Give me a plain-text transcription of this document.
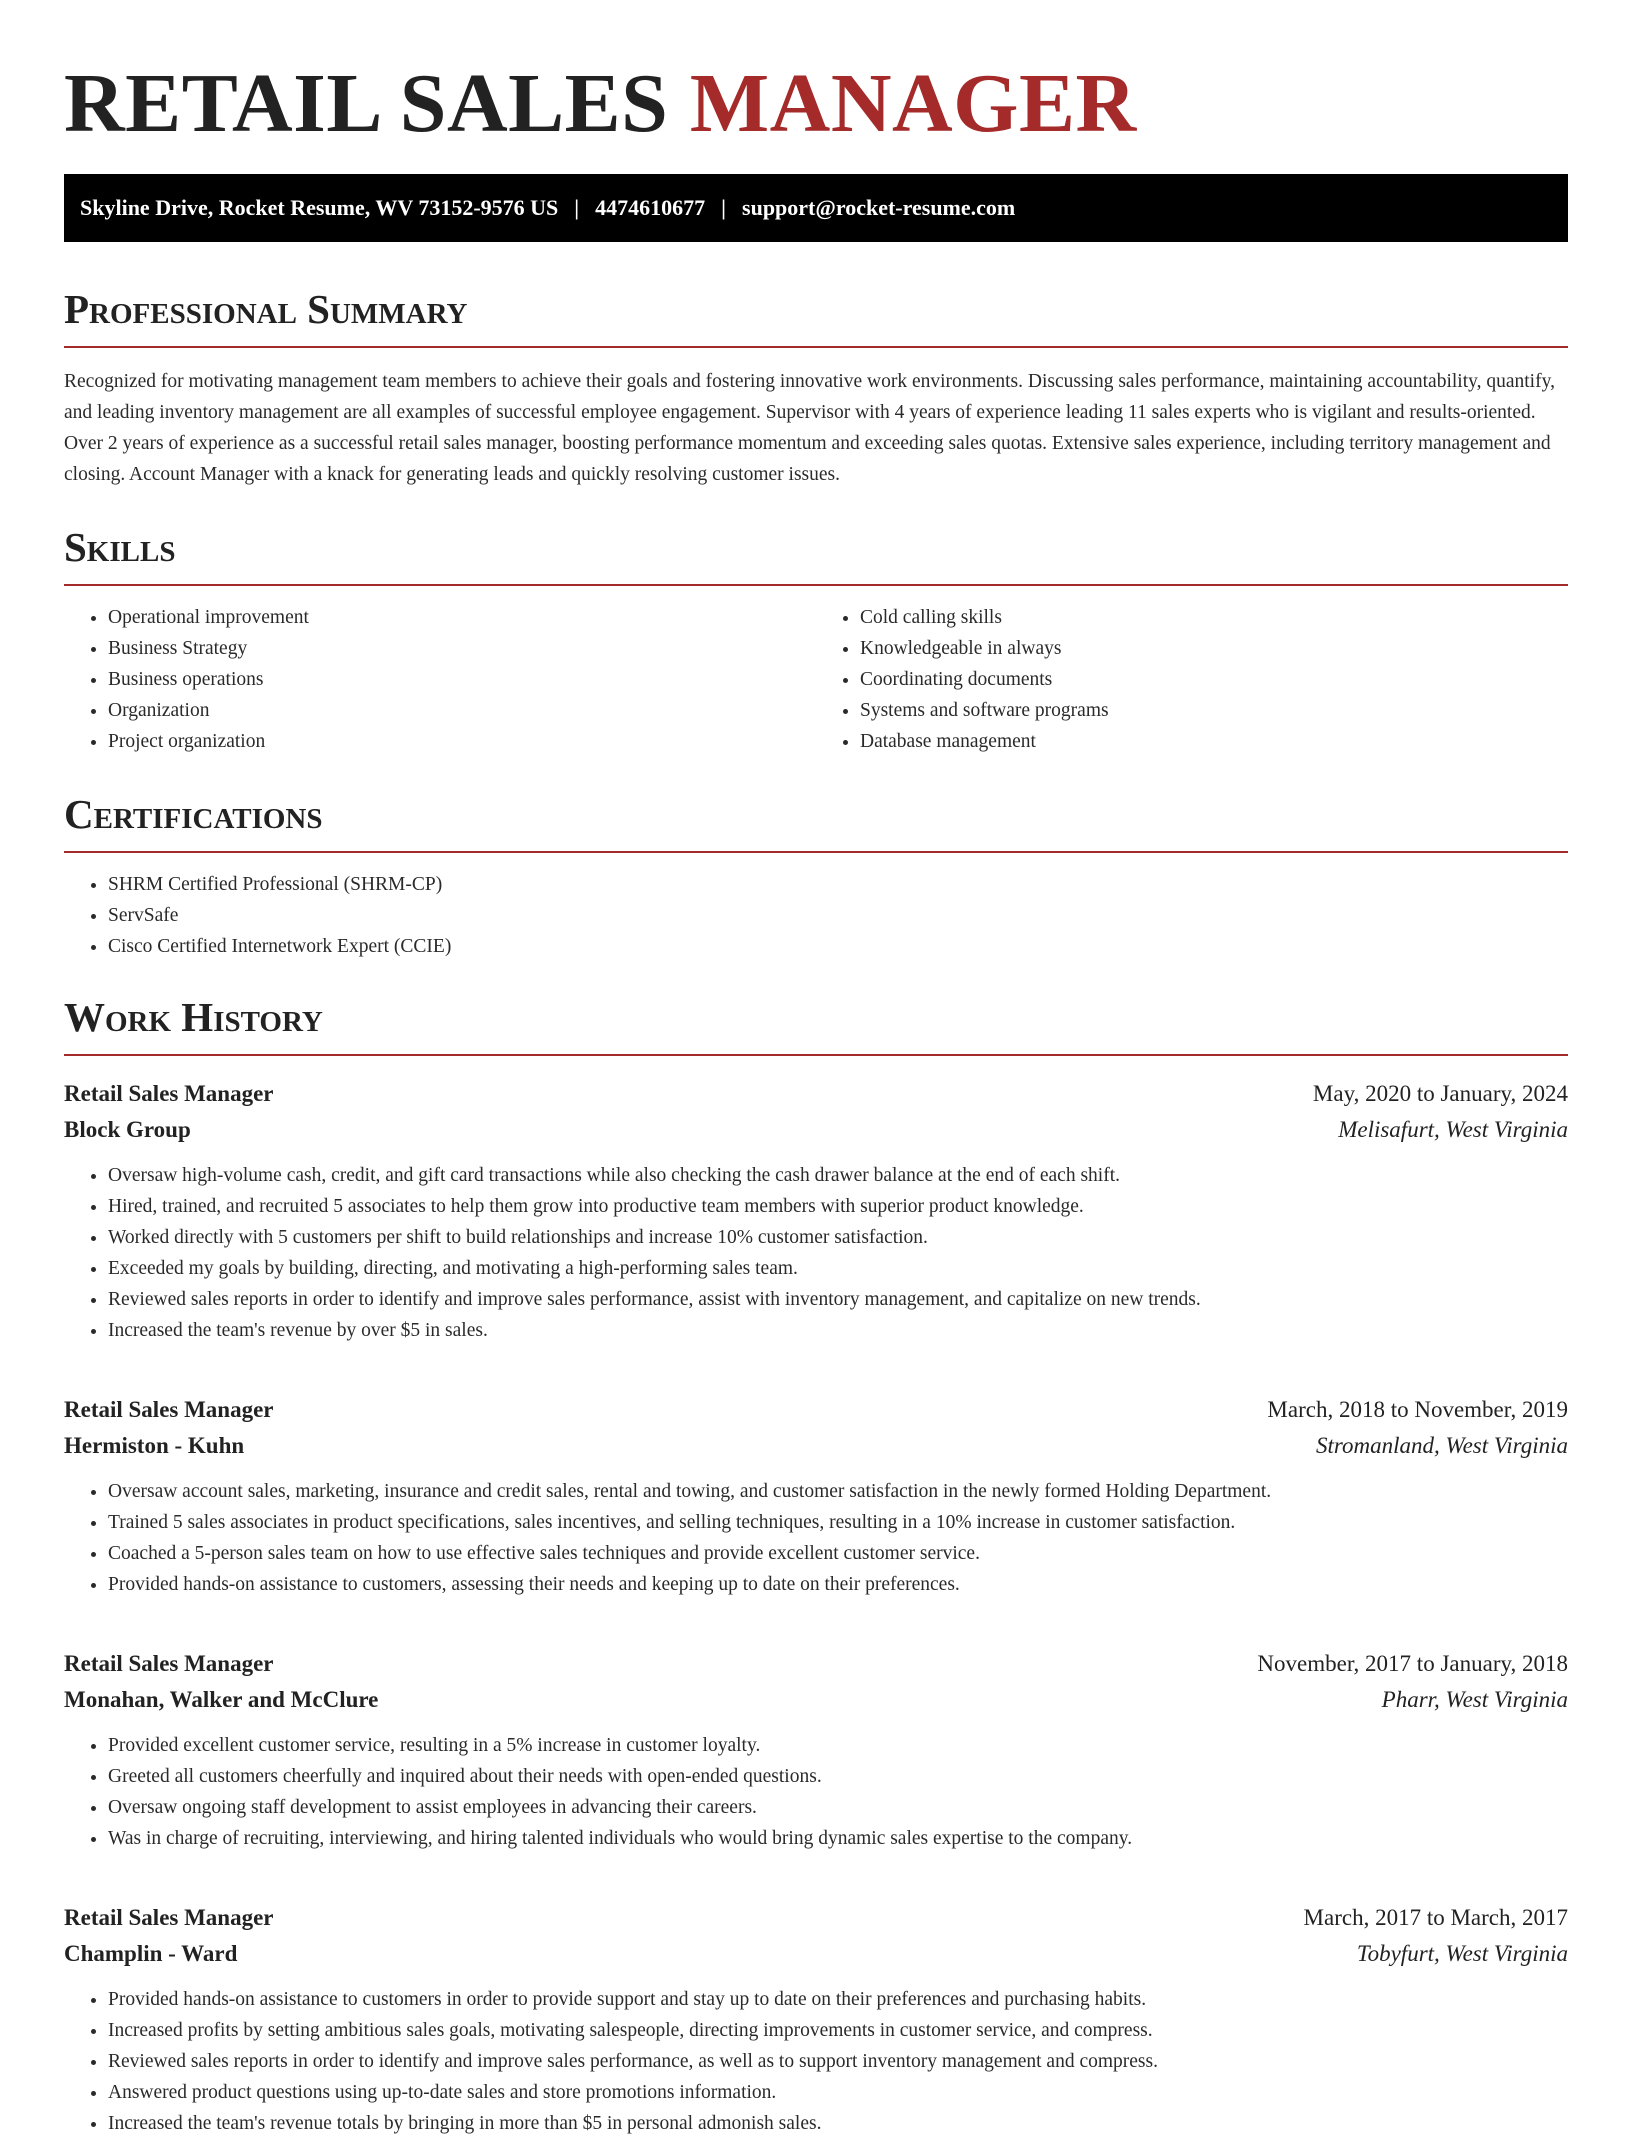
RETAIL SALES MANAGER
Skyline Drive, Rocket Resume, WV 73152-9576 US | 4474610677 | support@rocket-resume.com
Professional Summary

Recognized for motivating management team members to achieve their goals and fostering innovative work environments. Discussing sales performance, maintaining accountability, quantify, and leading inventory management are all examples of successful employee engagement. Supervisor with 4 years of experience leading 11 sales experts who is vigilant and results-oriented. Over 2 years of experience as a successful retail sales manager, boosting performance momentum and exceeding sales quotas. Extensive sales experience, including territory management and closing. Account Manager with a knack for generating leads and quickly resolving customer issues.

Skills
• Operational improvement
• Business Strategy
• Business operations
• Organization
• Project organization
• Cold calling skills
• Knowledgeable in always
• Coordinating documents
• Systems and software programs
• Database management
Certifications
• SHRM Certified Professional (SHRM-CP)
• ServSafe
• Cisco Certified Internetwork Expert (CCIE)
Work History
Retail Sales Manager	May, 2020 to January, 2024
Block Group	Melisafurt, West Virginia
• Oversaw high-volume cash, credit, and gift card transactions while also checking the cash drawer balance at the end of each shift.
• Hired, trained, and recruited 5 associates to help them grow into productive team members with superior product knowledge.
• Worked directly with 5 customers per shift to build relationships and increase 10% customer satisfaction.
• Exceeded my goals by building, directing, and motivating a high-performing sales team.
• Reviewed sales reports in order to identify and improve sales performance, assist with inventory management, and capitalize on new trends.
• Increased the team's revenue by over $5 in sales.
Retail Sales Manager	March, 2018 to November, 2019
Hermiston - Kuhn	Stromanland, West Virginia
• Oversaw account sales, marketing, insurance and credit sales, rental and towing, and customer satisfaction in the newly formed Holding Department.
• Trained 5 sales associates in product specifications, sales incentives, and selling techniques, resulting in a 10% increase in customer satisfaction.
• Coached a 5-person sales team on how to use effective sales techniques and provide excellent customer service.
• Provided hands-on assistance to customers, assessing their needs and keeping up to date on their preferences.
Retail Sales Manager	November, 2017 to January, 2018
Monahan, Walker and McClure	Pharr, West Virginia
• Provided excellent customer service, resulting in a 5% increase in customer loyalty.
• Greeted all customers cheerfully and inquired about their needs with open-ended questions.
• Oversaw ongoing staff development to assist employees in advancing their careers.
• Was in charge of recruiting, interviewing, and hiring talented individuals who would bring dynamic sales expertise to the company.
Retail Sales Manager	March, 2017 to March, 2017
Champlin - Ward	Tobyfurt, West Virginia
• Provided hands-on assistance to customers in order to provide support and stay up to date on their preferences and purchasing habits.
• Increased profits by setting ambitious sales goals, motivating salespeople, directing improvements in customer service, and compress.
• Reviewed sales reports in order to identify and improve sales performance, as well as to support inventory management and compress.
• Answered product questions using up-to-date sales and store promotions information.
• Increased the team's revenue totals by bringing in more than $5 in personal admonish sales.
